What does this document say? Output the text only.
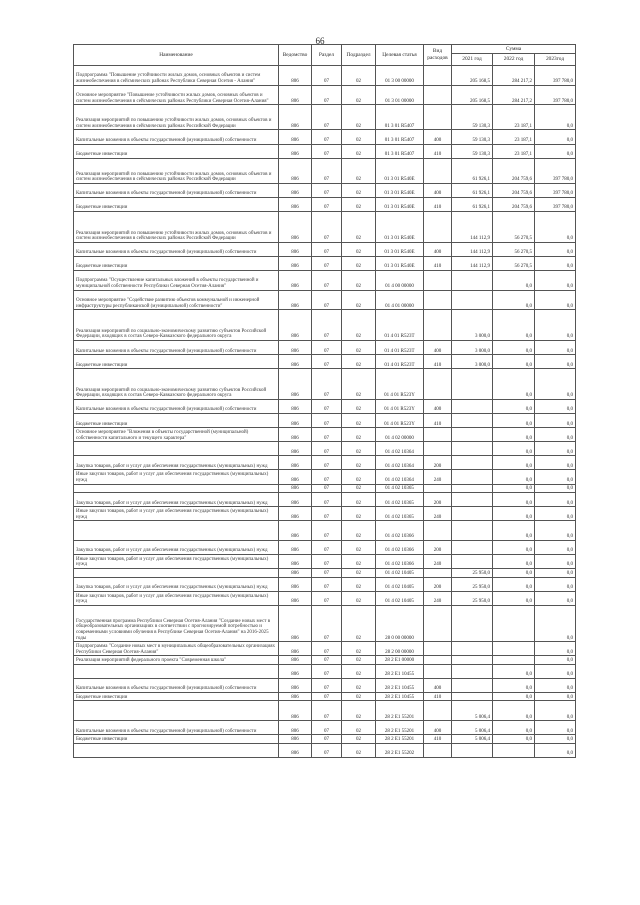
66
Наименование	Ведомство	Раздел	Подраздел	Целевая статья	Вид расходов	Сумма		
						2021 год	2022 год	2023год
Подпрограмма "Повышение устойчивости жилых домов, основных объектов и систем жизнеобеспечения в сейсмических районах Республики Северная Осетия - Алания"	806	07	02	01 3 00 00000		205 168,5	284 217,2	397 780,0
Основное мероприятие "Повышение устойчивости жилых домов, основных объектов и систем жизнеобеспечения в сейсмических районах Республики Северная Осетия-Алания"	806	07	02	01 3 01 00000		205 168,5	284 217,2	397 780,0
Реализация мероприятий по повышению устойчивости жилых домов, основных объектов и систем жизнеобеспечения в сейсмических районах Российской Федерации	806	07	02	01 3 01 R5407		59 130,3	23 187,1	0,0
Капитальные вложения в объекты государственной (муниципальной) собственности	806	07	02	01 3 01 R5407	400	59 130,3	23 187,1	0,0
Бюджетные инвестиции	806	07	02	01 3 01 R5407	410	59 130,3	23 187,1	0,0
Реализация мероприятий по повышению устойчивости жилых домов, основных объектов и систем жизнеобеспечения в сейсмических районах Российской Федерации	806	07	02	01 3 01 R540E		61 926,1	204 759,6	397 780,0
Капитальные вложения в объекты государственной (муниципальной) собственности	806	07	02	01 3 01 R540E	400	61 926,1	204 759,6	397 780,0
Бюджетные инвестиции	806	07	02	01 3 01 R540E	410	61 926,1	204 759,6	397 780,0
Реализация мероприятий по повышению устойчивости жилых домов, основных объектов и систем жизнеобеспечения в сейсмических районах Российской Федерации	806	07	02	01 3 01 R540E		144 112,9	56 270,5	0,0
Капитальные вложения в объекты государственной (муниципальной) собственности	806	07	02	01 3 01 R540E	400	144 112,9	56 270,5	0,0
Бюджетные инвестиции	806	07	02	01 3 01 R540E	410	144 112,9	56 270,5	0,0
Подпрограмма "Осуществление капитальных вложений в объекты государственной и муниципальной собственности Республики Северная Осетия-Алания"	806	07	02	01 4 00 00000			0,0	0,0
Основное мероприятие "Содействие развитию объектов коммунальной и инженерной инфраструктуры республиканской (муниципальной) собственности"	806	07	02	01 4 01 00000			0,0	0,0
Реализация мероприятий по социально-экономическому развитию субъектов Российской Федерации, входящих в состав Северо-Кавказского федерального округа	806	07	02	01 4 01 R523T		3 000,0	0,0	0,0
Капитальные вложения в объекты государственной (муниципальной) собственности	806	07	02	01 4 01 R523T	400	3 000,0	0,0	0,0
Бюджетные инвестиции	806	07	02	01 4 01 R523T	410	3 000,0	0,0	0,0
Реализация мероприятий по социально-экономическому развитию субъектов Российской Федерации, входящих в состав Северо-Кавказского федерального округа	806	07	02	01 4 01 R523Y			0,0	0,0
Капитальные вложения в объекты государственной (муниципальной) собственности	806	07	02	01 4 01 R523Y	400		0,0	0,0
Бюджетные инвестиции	806	07	02	01 4 01 R523Y	410		0,0	0,0
Основное мероприятие "Вложения в объекты государственной (муниципальной) собственности капитального и текущего характера"	806	07	02	01 4 02 00000			0,0	0,0
	806	07	02	01 4 02 10364			0,0	0,0
Закупка товаров, работ и услуг для обеспечения государственных (муниципальных) нужд	806	07	02	01 4 02 10364	200		0,0	0,0
Иные закупки товаров, работ и услуг для обеспечения государственных (муниципальных) нужд	806	07	02	01 4 02 10364	240		0,0	0,0
	806	07	02	01 4 02 10365			0,0	0,0
Закупка товаров, работ и услуг для обеспечения государственных (муниципальных) нужд	806	07	02	01 4 02 10365	200		0,0	0,0
Иные закупки товаров, работ и услуг для обеспечения государственных (муниципальных) нужд	806	07	02	01 4 02 10365	240		0,0	0,0
	806	07	02	01 4 02 10366			0,0	0,0
Закупка товаров, работ и услуг для обеспечения государственных (муниципальных) нужд	806	07	02	01 4 02 10366	200		0,0	0,0
Иные закупки товаров, работ и услуг для обеспечения государственных (муниципальных) нужд	806	07	02	01 4 02 10366	240		0,0	0,0
	806	07	02	01 4 02 10405		25 950,0	0,0	0,0
Закупка товаров, работ и услуг для обеспечения государственных (муниципальных) нужд	806	07	02	01 4 02 10405	200	25 950,0	0,0	0,0
Иные закупки товаров, работ и услуг для обеспечения государственных (муниципальных) нужд	806	07	02	01 4 02 10405	240	25 950,0	0,0	0,0
Государственная программа Республики Северная Осетия-Алания "Создание новых мест в общеобразовательных организациях в соответствии с прогнозируемой потребностью и современными условиями обучения в Республике Северная Осетия-Алания" на 2016-2025 годы	806	07	02	28 0 00 00000				0,0
Подпрограмма "Создание новых мест в муниципальных общеобразовательных организациях Республики Северная Осетия-Алания"	806	07	02	28 2 00 00000				0,0
Реализация мероприятий федерального проекта "Современная школа"	806	07	02	28 2 E1 00000				0,0
	806	07	02	28 2 E1 10455			0,0	0,0
Капитальные вложения в объекты государственной (муниципальной) собственности	806	07	02	28 2 E1 10455	400		0,0	0,0
Бюджетные инвестиции	806	07	02	28 2 E1 10455	410		0,0	0,0
	806	07	02	28 2 E1 55201		5 006,4	0,0	0,0
Капитальные вложения в объекты государственной (муниципальной) собственности	806	07	02	28 2 E1 55201	400	5 006,4	0,0	0,0
Бюджетные инвестиции	806	07	02	28 2 E1 55201	410	5 006,4	0,0	0,0
	806	07	02	28 2 E1 55202				0,0
